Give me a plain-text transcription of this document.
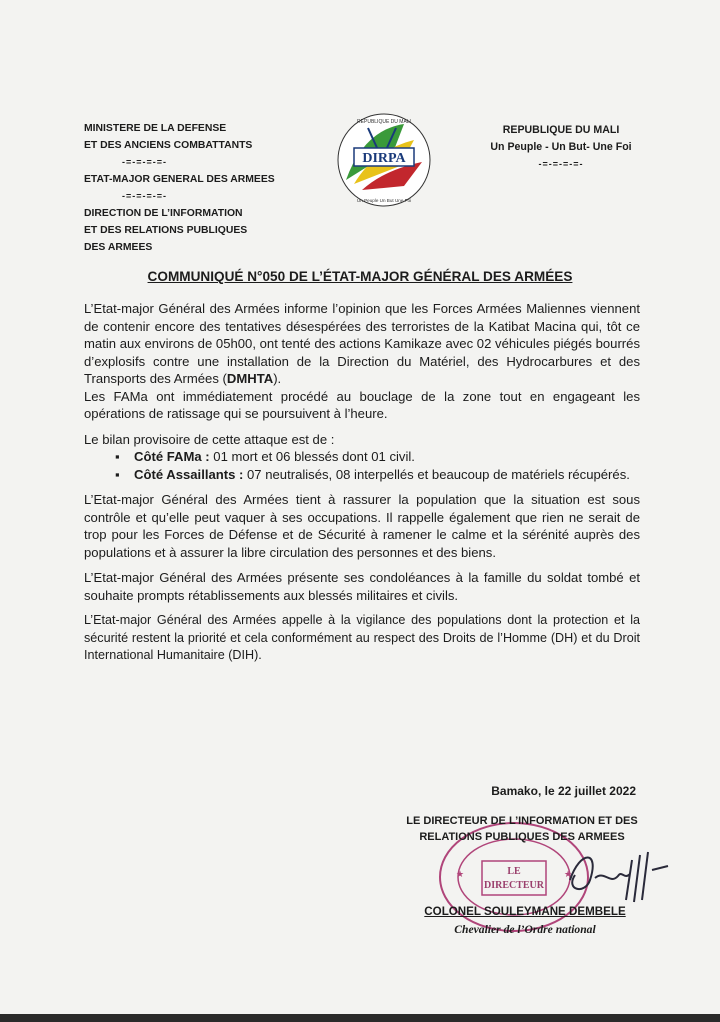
MINISTERE DE LA DEFENSE
ET DES ANCIENS COMBATTANTS
-=-=-=-=-
ETAT-MAJOR GENERAL DES ARMEES
-=-=-=-=-
DIRECTION DE L’INFORMATION
ET DES RELATIONS PUBLIQUES
DES ARMEES
DIRPA
REPUBLIQUE DU MALI
Un Peuple Un But Une Foi
REPUBLIQUE DU MALI
Un Peuple - Un But- Une Foi
-=-=-=-=-
COMMUNIQUÉ N°050 DE L’ÉTAT-MAJOR GÉNÉRAL DES ARMÉES

L’Etat-major Général des Armées informe l’opinion que les Forces Armées Maliennes viennent de contenir encore des tentatives désespérées des terroristes de la Katibat Macina qui, tôt ce matin aux environs de 05h00, ont tenté des actions Kamikaze avec 02 véhicules piégés bourrés d’explosifs contre une installation de la Direction du Matériel, des Hydrocarbures et des Transports des Armées (DMHTA).

Les FAMa ont immédiatement procédé au bouclage de la zone tout en engageant les opérations de ratissage qui se poursuivent à l’heure.

Le bilan provisoire de cette attaque est de :

▪ Côté FAMa : 01 mort et 06 blessés dont 01 civil.
▪ Côté Assaillants : 07 neutralisés, 08 interpellés et beaucoup de matériels récupérés.

L’Etat-major Général des Armées tient à rassurer la population que la situation est sous contrôle et qu’elle peut vaquer à ses occupations. Il rappelle également que rien ne serait de trop pour les Forces de Défense et de Sécurité à ramener le calme et la sérénité auprès des populations et à assurer la libre circulation des personnes et des biens.

L’Etat-major Général des Armées présente ses condoléances à la famille du soldat tombé et souhaite prompts rétablissements aux blessés militaires et civils.

L’Etat-major Général des Armées appelle à la vigilance des populations dont la protection et la sécurité restent la priorité et cela conformément au respect des Droits de l’Homme (DH) et du Droit International Humanitaire (DIH).

Bamako, le 22 juillet 2022
LE
DIRECTEUR
★	★
LE DIRECTEUR DE L’INFORMATION ET DES
RELATIONS PUBLIQUES DES ARMEES
COLONEL SOULEYMANE DEMBELE
Chevalier de l’Ordre national
